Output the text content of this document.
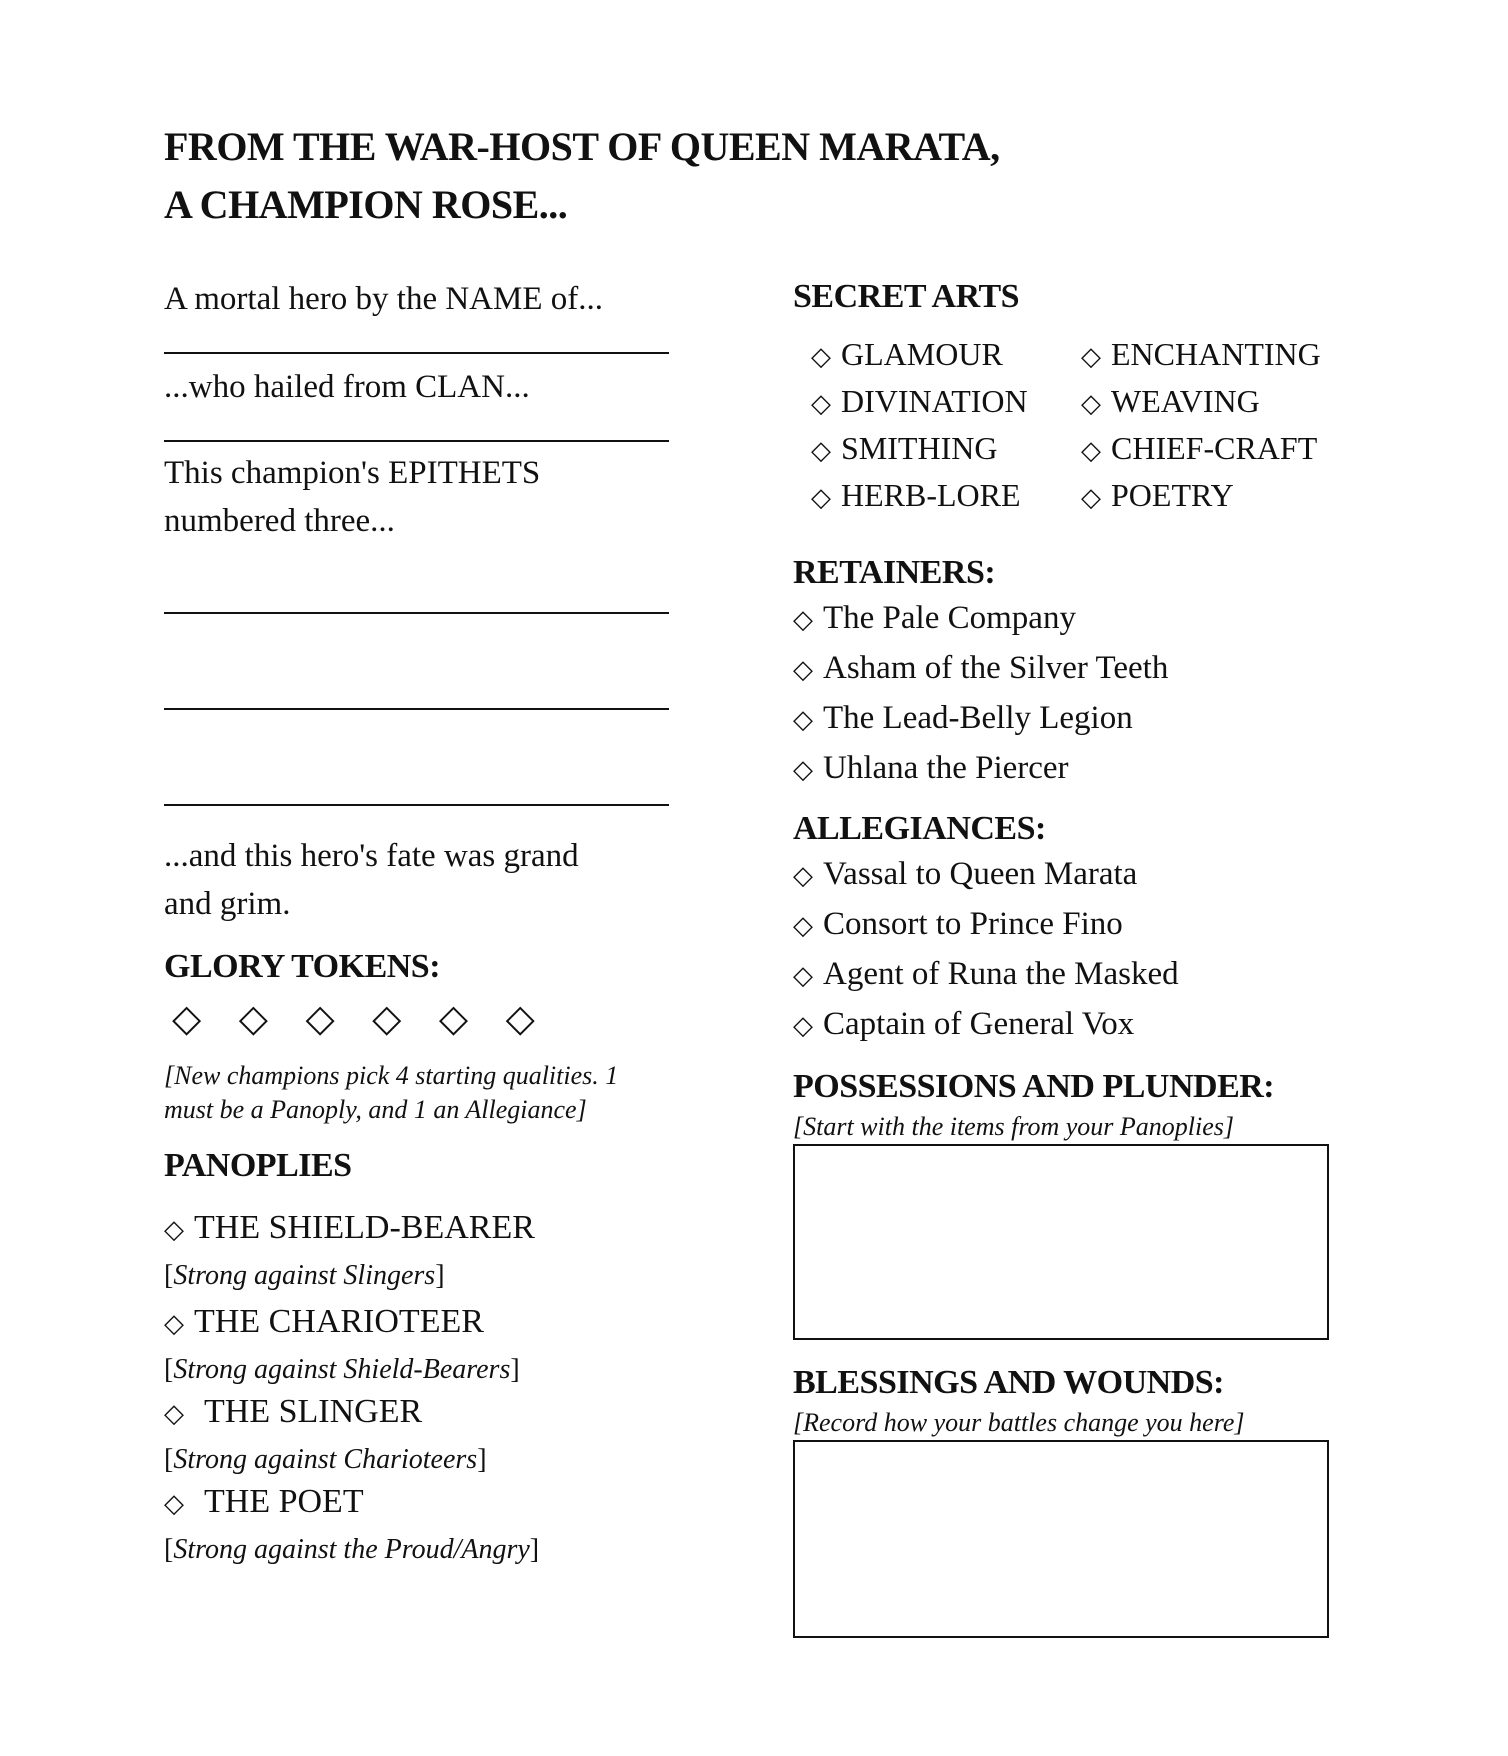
FROM THE WAR-HOST OF QUEEN MARATA,
A CHAMPION ROSE...
A mortal hero by the NAME of...
...who hailed from CLAN...
This champion's EPITHETS
numbered three...
...and this hero's fate was grand
and grim.
GLORY TOKENS:
◇ ◇ ◇ ◇ ◇ ◇
[New champions pick 4 starting qualities. 1
must be a Panoply, and 1 an Allegiance]
PANOPLIES
◇ THE SHIELD-BEARER
[Strong against Slingers]
◇ THE CHARIOTEER
[Strong against Shield-Bearers]
◇ THE SLINGER
[Strong against Charioteers]
◇ THE POET
[Strong against the Proud/Angry]
SECRET ARTS
◇ GLAMOUR	◇ ENCHANTING
◇ DIVINATION	◇ WEAVING
◇ SMITHING	◇ CHIEF-CRAFT
◇ HERB-LORE	◇ POETRY
RETAINERS:
◇ The Pale Company
◇ Asham of the Silver Teeth
◇ The Lead-Belly Legion
◇ Uhlana the Piercer
ALLEGIANCES:
◇ Vassal to Queen Marata
◇ Consort to Prince Fino
◇ Agent of Runa the Masked
◇ Captain of General Vox
POSSESSIONS AND PLUNDER:
[Start with the items from your Panoplies]
BLESSINGS AND WOUNDS:
[Record how your battles change you here]
